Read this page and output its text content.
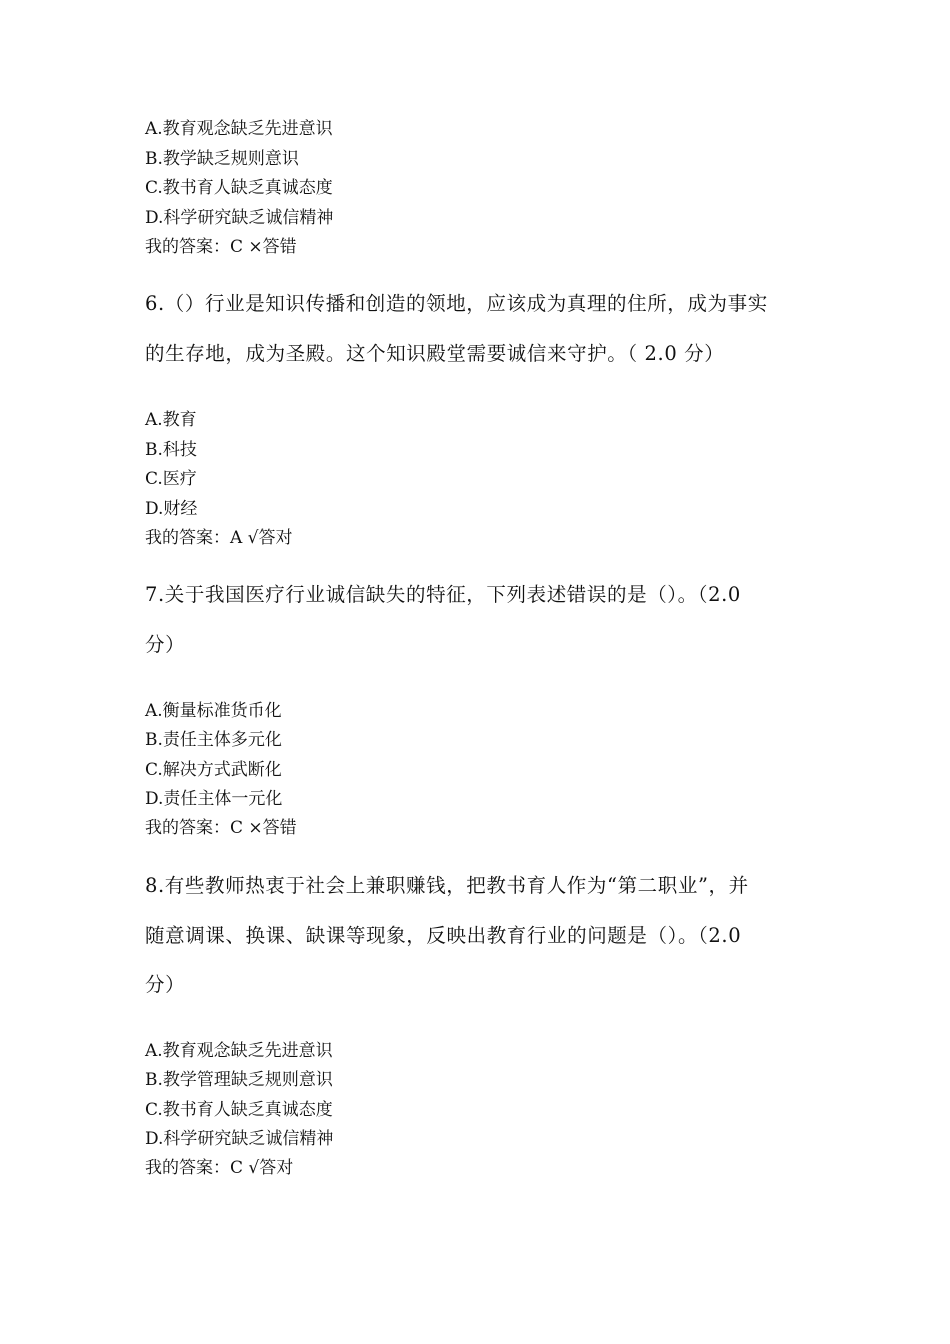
A.教育观念缺乏先进意识
B.教学缺乏规则意识
C.教书育人缺乏真诚态度
D.科学研究缺乏诚信精神
我的答案：C ×答错
6.（）行业是知识传播和创造的领地，应该成为真理的住所，成为事实
的生存地，成为圣殿。这个知识殿堂需要诚信来守护。（ 2.0 分）
A.教育
B.科技
C.医疗
D.财经
我的答案：A √答对
7.关于我国医疗行业诚信缺失的特征，下列表述错误的是（）。（2.0
分）
A.衡量标准货币化
B.责任主体多元化
C.解决方式武断化
D.责任主体一元化
我的答案：C ×答错
8.有些教师热衷于社会上兼职赚钱，把教书育人作为“第二职业”，并
随意调课、换课、缺课等现象，反映出教育行业的问题是（）。（2.0
分）
A.教育观念缺乏先进意识
B.教学管理缺乏规则意识
C.教书育人缺乏真诚态度
D.科学研究缺乏诚信精神
我的答案：C √答对
